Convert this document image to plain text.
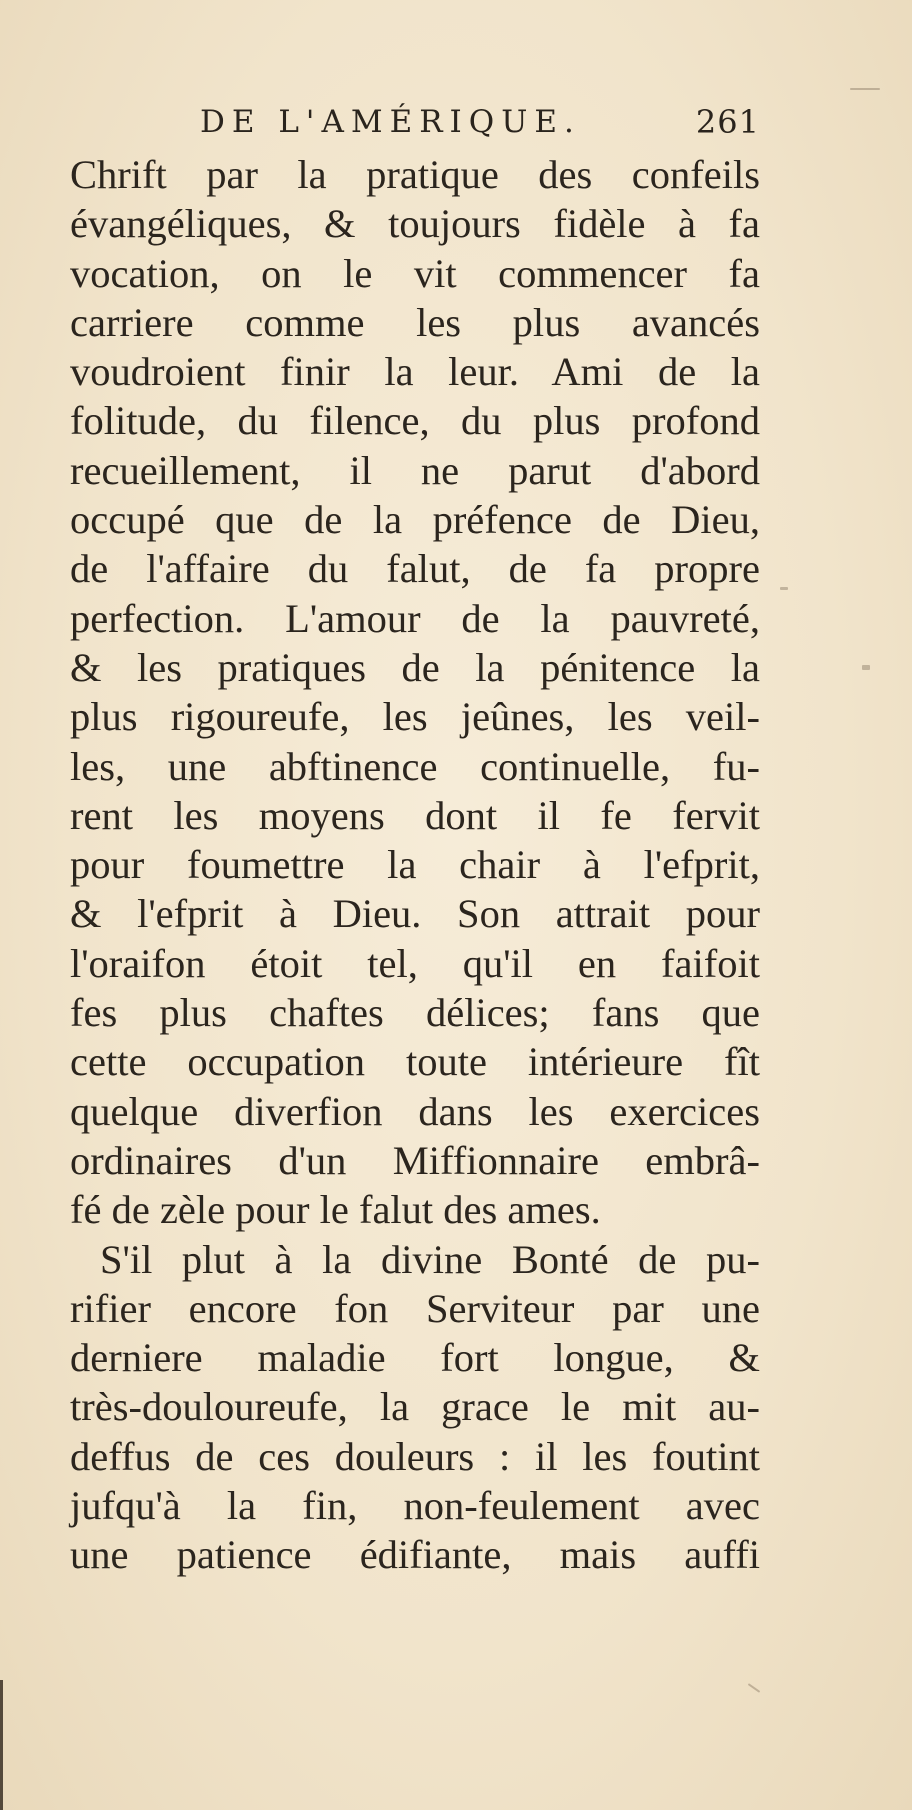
DE L'AMÉRIQUE.	261
Chrift par la pratique des confeils
évangéliques, & toujours fidèle à fa
vocation, on le vit commencer fa
carriere comme les plus avancés
voudroient finir la leur. Ami de la
folitude, du filence, du plus profond
recueillement, il ne parut d'abord
occupé que de la préfence de Dieu,
de l'affaire du falut, de fa propre
perfection. L'amour de la pauvreté,
& les pratiques de la pénitence la
plus rigoureufe, les jeûnes, les veil-
les, une abftinence continuelle, fu-
rent les moyens dont il fe fervit
pour foumettre la chair à l'efprit,
& l'efprit à Dieu. Son attrait pour
l'oraifon étoit tel, qu'il en faifoit
fes plus chaftes délices; fans que
cette occupation toute intérieure fît
quelque diverfion dans les exercices
ordinaires d'un Miffionnaire embrâ-
fé de zèle pour le falut des ames.
S'il plut à la divine Bonté de pu-
rifier encore fon Serviteur par une
derniere maladie fort longue, &
très-douloureufe, la grace le mit au-
deffus de ces douleurs : il les foutint
jufqu'à la fin, non-feulement avec
une patience édifiante, mais auffi
